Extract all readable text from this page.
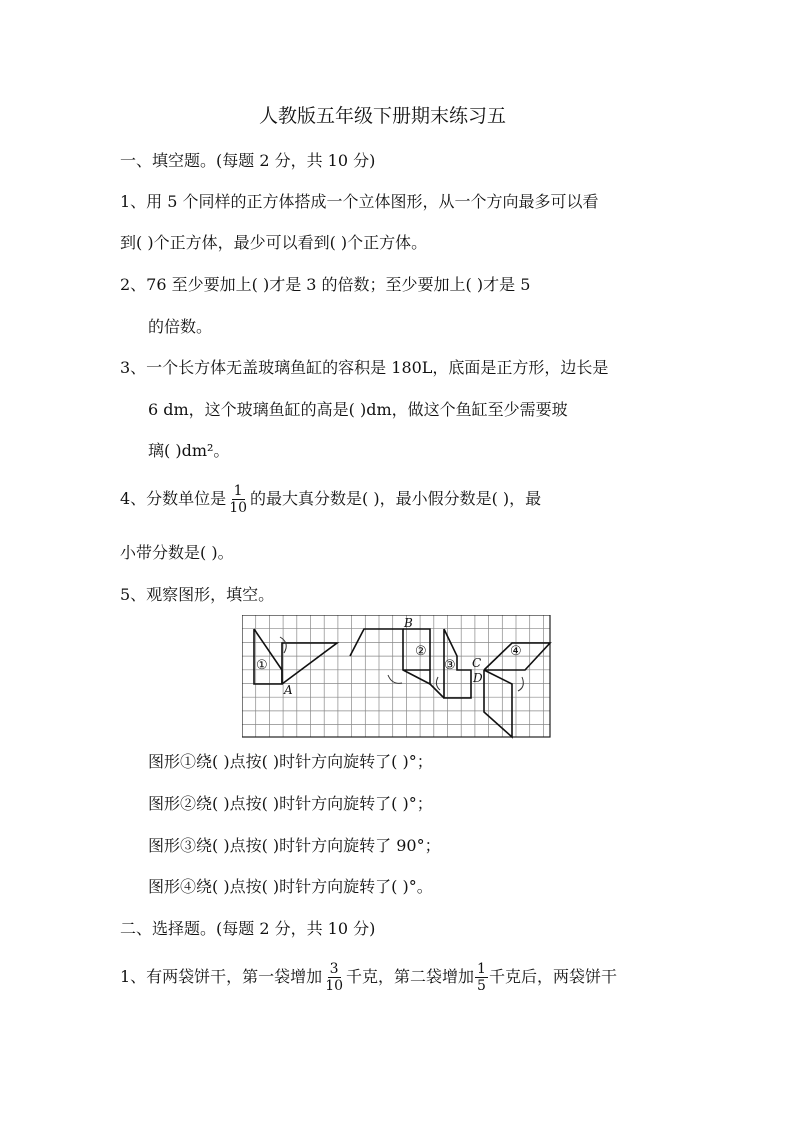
人教版五年级下册期末练习五
一、填空题。(每题 2 分，共 10 分)
1、用 5 个同样的正方体搭成一个立体图形，从一个方向最多可以看
到( )个正方体，最少可以看到( )个正方体。
2、76 至少要加上( )才是 3 的倍数；至少要加上( )才是 5
的倍数。
3、一个长方体无盖玻璃鱼缸的容积是 180L，底面是正方形，边长是
6 dm，这个玻璃鱼缸的高是( )dm，做这个鱼缸至少需要玻
璃( )dm²。
4、分数单位是 $\frac{1}{10}$ 的最大真分数是( )，最小假分数是( )，最
小带分数是( )。
5、观察图形，填空。
①
②
③
④
A
B
C
D
图形①绕( )点按( )时针方向旋转了( )°；
图形②绕( )点按( )时针方向旋转了( )°；
图形③绕( )点按( )时针方向旋转了 90°；
图形④绕( )点按( )时针方向旋转了( )°。
二、选择题。(每题 2 分，共 10 分)
1、有两袋饼干，第一袋增加 $\frac{3}{10}$ 千克，第二袋增加 $\frac{1}{5}$ 千克后，两袋饼干
